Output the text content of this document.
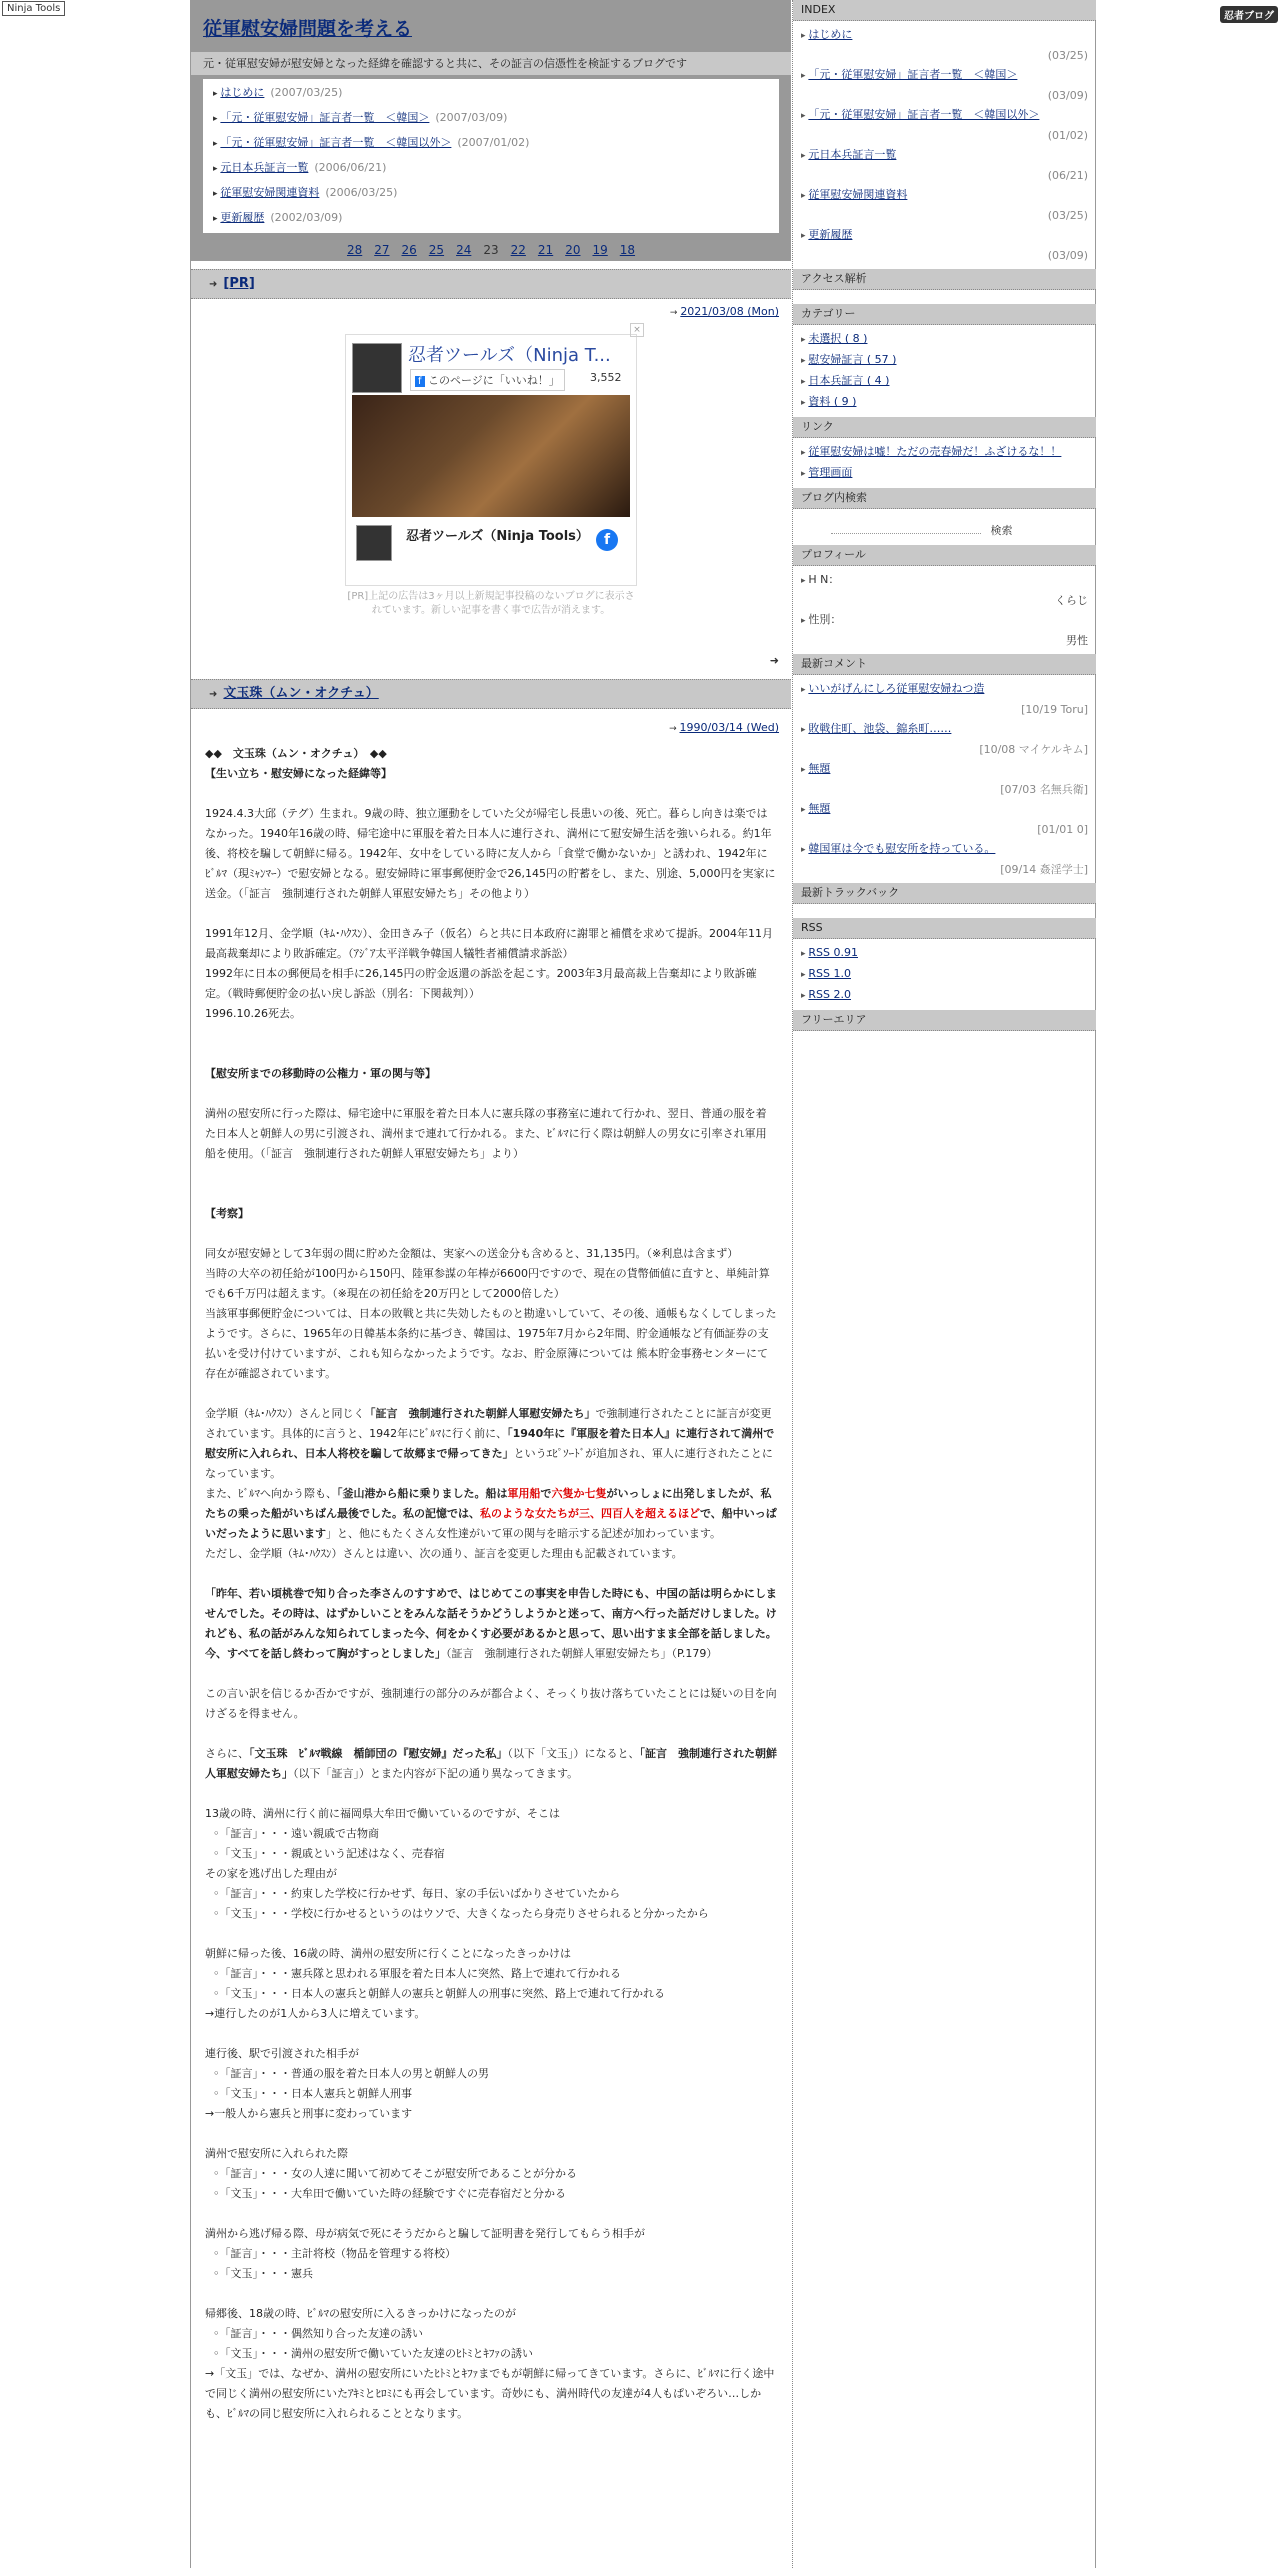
Ninja Tools
忍者ブログ
従軍慰安婦問題を考える
元・従軍慰安婦が慰安婦となった経緯を確認すると共に、その証言の信憑性を検証するブログです
▸ はじめに (2007/03/25)
▸ 「元・従軍慰安婦」証言者一覧　＜韓国＞ (2007/03/09)
▸ 「元・従軍慰安婦」証言者一覧　＜韓国以外＞ (2007/01/02)
▸ 元日本兵証言一覧 (2006/06/21)
▸ 従軍慰安婦関連資料 (2006/03/25)
▸ 更新履歴 (2002/03/09)
28 27 26 25 24 23 22 21 20 19 18
➜ [PR]
→ 2021/03/08 (Mon)
×
忍者ツールズ（Ninja T...
f このページに「いいね！」	3,552
忍者ツールズ（Ninja Tools）	f
[PR]上記の広告は3ヶ月以上新規記事投稿のないブログに表示されています。新しい記事を書く事で広告が消えます。
➜
➜ 文玉珠（ムン・オクチュ）
→ 1990/03/14 (Wed)
◆◆　文玉珠（ムン・オクチュ）　◆◆
【生い立ち・慰安婦になった経緯等】

1924.4.3大邱（テグ）生まれ。9歳の時、独立運動をしていた父が帰宅し長患いの後、死亡。暮らし向きは楽ではなかった。1940年16歳の時、帰宅途中に軍服を着た日本人に連行され、満州にて慰安婦生活を強いられる。約1年後、将校を騙して朝鮮に帰る。1942年、女中をしている時に友人から「食堂で働かないか」と誘われ、1942年にﾋﾞﾙﾏ（現ﾐｬﾝﾏｰ）で慰安婦となる。慰安婦時に軍事郵便貯金で26,145円の貯蓄をし、また、別途、5,000円を実家に送金。（「証言　強制連行された朝鮮人軍慰安婦たち」その他より）

1991年12月、金学順（ｷﾑ･ﾊｸｽﾝ）、金田きみ子（仮名）らと共に日本政府に謝罪と補償を求めて提訴。2004年11月最高裁棄却により敗訴確定。（ｱｼﾞｱ太平洋戦争韓国人犠牲者補償請求訴訟）
1992年に日本の郵便局を相手に26,145円の貯金返還の訴訟を起こす。2003年3月最高裁上告棄却により敗訴確定。（戦時郵便貯金の払い戻し訴訟（別名：下関裁判））
1996.10.26死去。

【慰安所までの移動時の公権力・軍の関与等】

満州の慰安所に行った際は、帰宅途中に軍服を着た日本人に憲兵隊の事務室に連れて行かれ、翌日、普通の服を着た日本人と朝鮮人の男に引渡され、満州まで連れて行かれる。また、ﾋﾞﾙﾏに行く際は朝鮮人の男女に引率され軍用船を使用。（「証言　強制連行された朝鮮人軍慰安婦たち」より）

【考察】

同女が慰安婦として3年弱の間に貯めた金額は、実家への送金分も含めると、31,135円。（※利息は含まず）
当時の大卒の初任給が100円から150円、陸軍参謀の年棒が6600円ですので、現在の貨幣価値に直すと、単純計算でも6千万円は超えます。（※現在の初任給を20万円として2000倍した）
当該軍事郵便貯金については、日本の敗戦と共に失効したものと勘違いしていて、その後、通帳もなくしてしまったようです。さらに、1965年の日韓基本条約に基づき、韓国は、1975年7月から2年間、貯金通帳など有価証券の支払いを受け付けていますが、これも知らなかったようです。なお、貯金原簿については 熊本貯金事務センターにて存在が確認されています。

金学順（ｷﾑ･ﾊｸｽﾝ）さんと同じく「証言　強制連行された朝鮮人軍慰安婦たち」で強制連行されたことに証言が変更されています。具体的に言うと、1942年にﾋﾞﾙﾏに行く前に、「1940年に『軍服を着た日本人』に連行されて満州で慰安所に入れられ、日本人将校を騙して故郷まで帰ってきた」というｴﾋﾟｿｰﾄﾞが追加され、軍人に連行されたことになっています。
また、ﾋﾞﾙﾏへ向かう際も、「釜山港から船に乗りました。船は軍用船で六隻か七隻がいっしょに出発しましたが、私たちの乗った船がいちばん最後でした。私の記憶では、私のような女たちが三、四百人を超えるほどで、船中いっぱいだったように思います」と、他にもたくさん女性達がいて軍の関与を暗示する記述が加わっています。
ただし、金学順（ｷﾑ･ﾊｸｽﾝ）さんとは違い、次の通り、証言を変更した理由も記載されています。

「昨年、若い頃桃巻で知り合った李さんのすすめで、はじめてこの事実を申告した時にも、中国の話は明らかにしませんでした。その時は、はずかしいことをみんな話そうかどうしようかと迷って、南方へ行った話だけしました。けれども、私の話がみんな知られてしまった今、何をかくす必要があるかと思って、思い出すまま全部を話しました。今、すべてを話し終わって胸がすっとしました」（証言　強制連行された朝鮮人軍慰安婦たち」（P.179）

この言い訳を信じるか否かですが、強制連行の部分のみが都合よく、そっくり抜け落ちていたことには疑いの目を向けざるを得ません。

さらに、「文玉珠　ﾋﾞﾙﾏ戦線　楯師団の『慰安婦』だった私」（以下「文玉」）になると、「証言　強制連行された朝鮮人軍慰安婦たち」（以下「証言」）とまた内容が下記の通り異なってきます。

13歳の時、満州に行く前に福岡県大牟田で働いているのですが、そこは
◦「証言」・・・遠い親戚で古物商
◦「文玉」・・・親戚という記述はなく、売春宿
その家を逃げ出した理由が
◦「証言」・・・約束した学校に行かせず、毎日、家の手伝いばかりさせていたから
◦「文玉」・・・学校に行かせるというのはウソで、大きくなったら身売りさせられると分かったから

朝鮮に帰った後、16歳の時、満州の慰安所に行くことになったきっかけは
◦「証言」・・・憲兵隊と思われる軍服を着た日本人に突然、路上で連れて行かれる
◦「文玉」・・・日本人の憲兵と朝鮮人の憲兵と朝鮮人の刑事に突然、路上で連れて行かれる
→連行したのが1人から3人に増えています。

連行後、駅で引渡された相手が
◦「証言」・・・普通の服を着た日本人の男と朝鮮人の男
◦「文玉」・・・日本人憲兵と朝鮮人刑事
→一般人から憲兵と刑事に変わっています

満州で慰安所に入れられた際
◦「証言」・・・女の人達に聞いて初めてそこが慰安所であることが分かる
◦「文玉」・・・大牟田で働いていた時の経験ですぐに売春宿だと分かる

満州から逃げ帰る際、母が病気で死にそうだからと騙して証明書を発行してもらう相手が
◦「証言」・・・主計将校（物品を管理する将校）
◦「文玉」・・・憲兵

帰郷後、18歳の時、ﾋﾞﾙﾏの慰安所に入るきっかけになったのが
◦「証言」・・・偶然知り合った友達の誘い
◦「文玉」・・・満州の慰安所で働いていた友達のﾋﾄﾐとｷﾌｧの誘い
→「文玉」では、なぜか、満州の慰安所にいたﾋﾄﾐとｷﾌｧまでもが朝鮮に帰ってきています。さらに、ﾋﾞﾙﾏに行く途中で同じく満州の慰安所にいたｱｷﾐとﾋﾛﾐにも再会しています。奇妙にも、満州時代の友達が4人もぱいぞろい…しかも、ﾋﾞﾙﾏの同じ慰安所に入れられることとなります。

INDEX
▸ はじめに
(03/25)
▸ 「元・従軍慰安婦」証言者一覧　＜韓国＞
(03/09)
▸ 「元・従軍慰安婦」証言者一覧　＜韓国以外＞
(01/02)
▸ 元日本兵証言一覧
(06/21)
▸ 従軍慰安婦関連資料
(03/25)
▸ 更新履歴
(03/09)
アクセス解析
カテゴリー
▸ 未選択 ( 8 )
▸ 慰安婦証言 ( 57 )
▸ 日本兵証言 ( 4 )
▸ 資料 ( 9 )
リンク
▸ 従軍慰安婦は嘘！ただの売春婦だ！ふざけるな！！
▸ 管理画面
ブログ内検索
検索
プロフィール
▸ H N：
くらじ
▸ 性別：
男性
最新コメント
▸ いいがげんにしろ従軍慰安婦ねつ造
[10/19 Toru]
▸ 敗戦住町、池袋、錦糸町……
[10/08 マイケルキム]
▸ 無題
[07/03 名無兵衛]
▸ 無題
[01/01 0]
▸ 韓国軍は今でも慰安所を持っている。
[09/14 姦淫学士]
最新トラックバック
RSS
▸ RSS 0.91
▸ RSS 1.0
▸ RSS 2.0
フリーエリア
